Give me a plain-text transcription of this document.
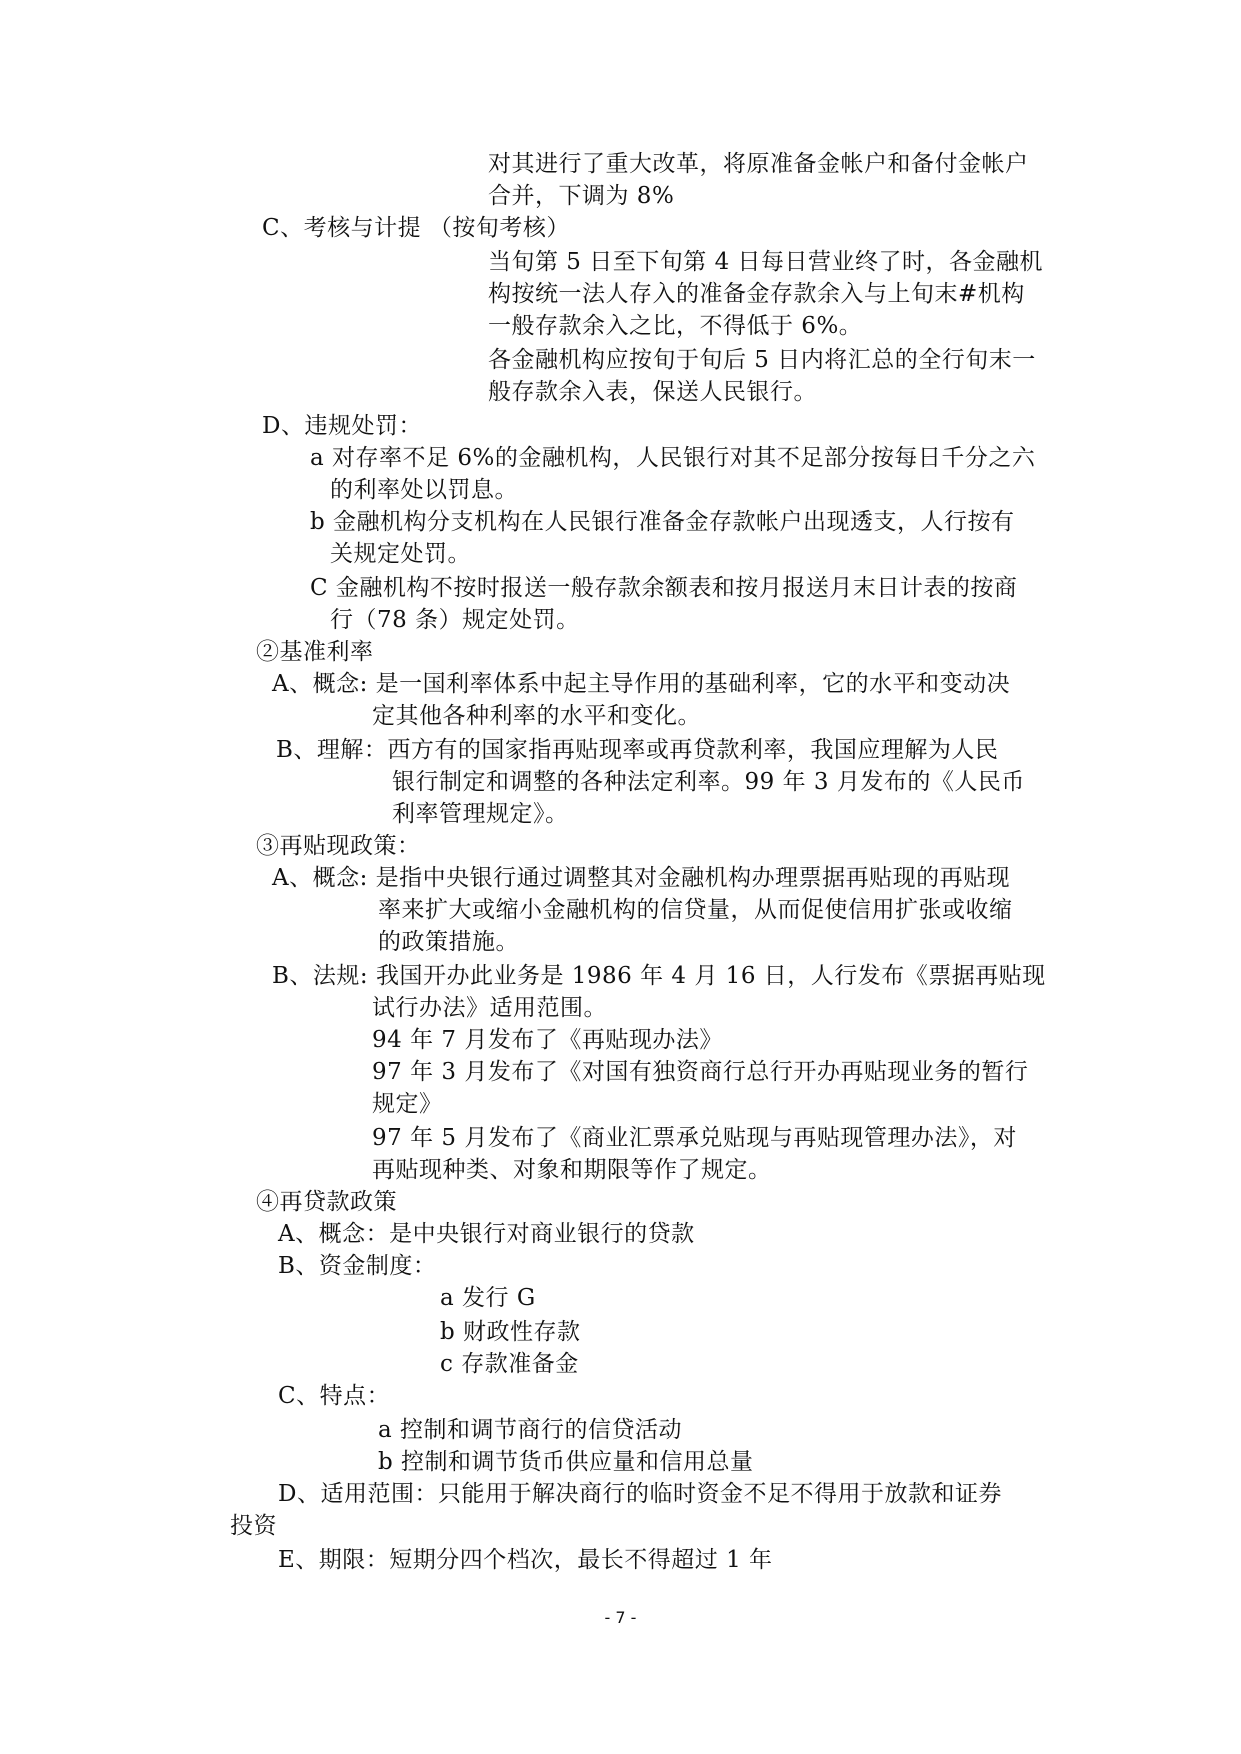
对其进行了重大改革，将原准备金帐户和备付金帐户
合并，下调为 8%
C、考核与计提 （按旬考核）
当旬第 5 日至下旬第 4 日每日营业终了时，各金融机
构按统一法人存入的准备金存款余入与上旬末#机构
一般存款余入之比，不得低于 6%。
各金融机构应按旬于旬后 5 日内将汇总的全行旬末一
般存款余入表，保送人民银行。
D、违规处罚：
a 对存率不足 6%的金融机构，人民银行对其不足部分按每日千分之六
的利率处以罚息。
b 金融机构分支机构在人民银行准备金存款帐户出现透支，人行按有
关规定处罚。
C 金融机构不按时报送一般存款余额表和按月报送月末日计表的按商
行（78 条）规定处罚。
②基准利率
A、概念: 是一国利率体系中起主导作用的基础利率，它的水平和变动决
定其他各种利率的水平和变化。
B、理解：西方有的国家指再贴现率或再贷款利率，我国应理解为人民
银行制定和调整的各种法定利率。99 年 3 月发布的《人民币
利率管理规定》。
③再贴现政策：
A、概念: 是指中央银行通过调整其对金融机构办理票据再贴现的再贴现
率来扩大或缩小金融机构的信贷量，从而促使信用扩张或收缩
的政策措施。
B、法规: 我国开办此业务是 1986 年 4 月 16 日，人行发布《票据再贴现
试行办法》适用范围。
94 年 7 月发布了《再贴现办法》
97 年 3 月发布了《对国有独资商行总行开办再贴现业务的暂行
规定》
97 年 5 月发布了《商业汇票承兑贴现与再贴现管理办法》，对
再贴现种类、对象和期限等作了规定。
④再贷款政策
A、概念：是中央银行对商业银行的贷款
B、资金制度：
a 发行 G
b 财政性存款
c 存款准备金
C、特点：
a 控制和调节商行的信贷活动
b 控制和调节货币供应量和信用总量
D、适用范围：只能用于解决商行的临时资金不足不得用于放款和证券
投资
E、期限：短期分四个档次，最长不得超过 1 年
- 7 -
